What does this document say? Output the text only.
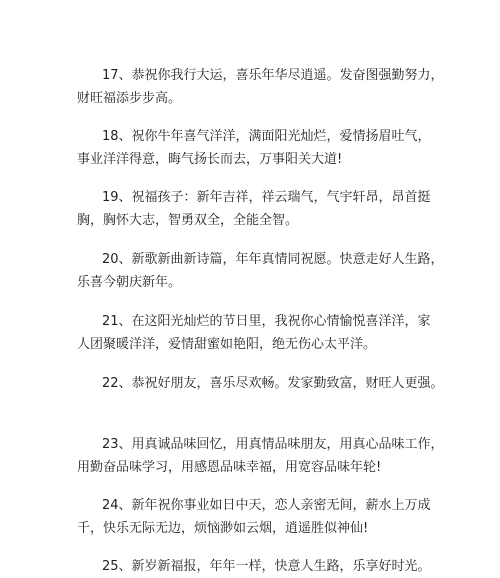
17、恭祝你我行大运，喜乐年华尽逍遥。发奋图强勤努力，
财旺福添步步高。
18、祝你牛年喜气洋洋，满面阳光灿烂，爱情扬眉吐气，
事业洋洋得意，晦气扬长而去，万事阳关大道!
19、祝福孩子：新年吉祥，祥云瑞气，气宇轩昂，昂首挺
胸，胸怀大志，智勇双全，全能全智。
20、新歌新曲新诗篇，年年真情同祝愿。快意走好人生路，
乐喜今朝庆新年。
21、在这阳光灿烂的节日里，我祝你心情愉悦喜洋洋，家
人团聚暖洋洋，爱情甜蜜如艳阳，绝无伤心太平洋。
22、恭祝好朋友，喜乐尽欢畅。发家勤致富，财旺人更强。
23、用真诚品味回忆，用真情品味朋友，用真心品味工作，
用勤奋品味学习，用感恩品味幸福，用宽容品味年轮!
24、新年祝你事业如日中天，恋人亲密无间，薪水上万成
千，快乐无际无边，烦恼渺如云烟，逍遥胜似神仙!
25、新岁新福报，年年一样，快意人生路，乐享好时光。
